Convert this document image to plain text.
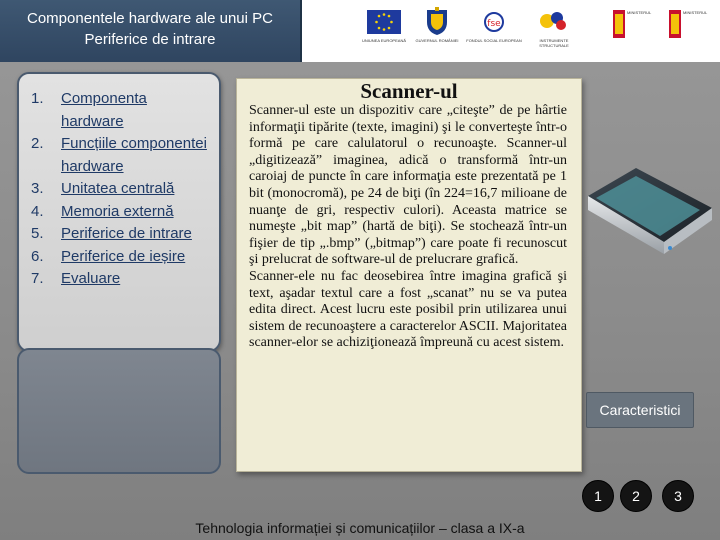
Componentele hardware ale unui PC
Periferice de intrare	UNIUNEA EUROPEANĂ	GUVERNUL ROMÂNIEI
fse
FONDUL SOCIAL EUROPEAN	INSTRUMENTE STRUCTURALE
MINISTERUL	MINISTERUL
1. Componenta hardware
2. Funcțiile componentei hardware
3. Unitatea centrală
4. Memoria externă
5. Periferice de intrare
6. Periferice de ieșire
7. Evaluare
Scanner-ul

Scanner-ul este un dispozitiv care „citeşte” de pe hârtie informaţii tipărite (texte, imagini) şi le converteşte într-o formă pe care calulatorul o recunoaşte. Scanner-ul „digitizează” imaginea, adică o transformă într-un caroiaj de puncte în care informaţia este prezentată pe 1 bit (monocromă), pe 24 de biţi (în 224=16,7 milioane de nuanţe de gri, respectiv culori). Aceasta matrice se numeşte „bit map” (hartă de biţi). Se stochează într-un fişier de tip „.bmp” („bitmap”) care poate fi recunoscut şi prelucrat de software-ul de prelucrare grafică.

Scanner-ele nu fac deosebirea între imagina grafică şi text, aşadar textul care a fost „scanat” nu se va putea edita direct. Acest lucru este posibil prin utilizarea unui sistem de recunoaştere a caracterelor ASCII. Majoritatea scanner-elor se achiziţionează împreună cu acest sistem.

Caracteristici
1	2	3
Tehnologia informației și comunicațiilor – clasa a IX-a
